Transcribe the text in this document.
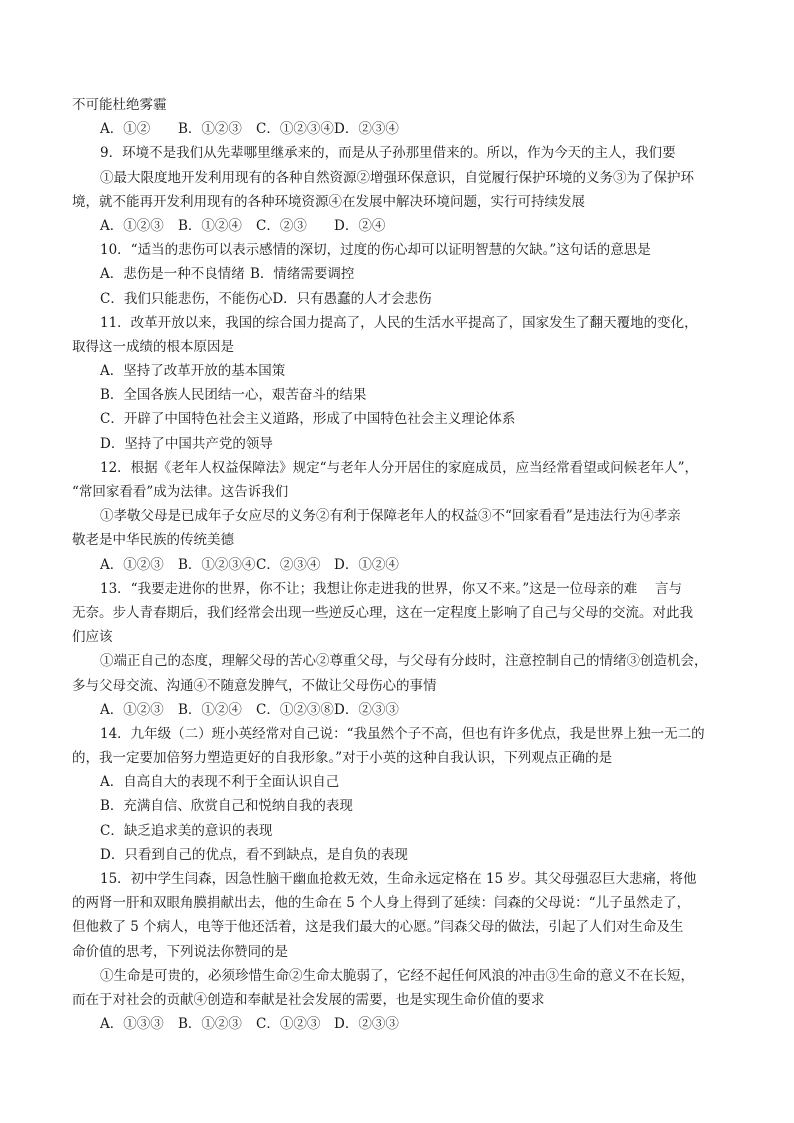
不可能杜绝雾霾
A．①② B．①②③ C．①②③④D．②③④
9．环境不是我们从先辈哪里继承来的，而是从子孙那里借来的。所以，作为今天的主人，我们要
①最大限度地开发利用现有的各种自然资源②增强环保意识，自觉履行保护环境的义务③为了保护环
境，就不能再开发利用现有的各种环境资源④在发展中解决环境问题，实行可持续发展
A．①②③ B．①②④ C．②③ D．②④
10．“适当的悲伤可以表示感情的深切，过度的伤心却可以证明智慧的欠缺。”这句话的意思是
A．悲伤是一种不良情绪 B．情绪需要调控
C．我们只能悲伤，不能伤心D．只有愚蠢的人才会悲伤
11．改革开放以来，我国的综合国力提高了，人民的生活水平提高了，国家发生了翻天覆地的变化，
取得这一成绩的根本原因是
A．坚持了改革开放的基本国策
B．全国各族人民团结一心，艰苦奋斗的结果
C．开辟了中国特色社会主义道路，形成了中国特色社会主义理论体系
D．坚持了中国共产党的领导
12．根据《老年人权益保障法》规定“与老年人分开居住的家庭成员，应当经常看望或问候老年人”，
“常回家看看”成为法律。这告诉我们
①孝敬父母是已成年子女应尽的义务②有利于保障老年人的权益③不“回家看看”是违法行为④孝亲
敬老是中华民族的传统美德
A．①②③ B．①②③④C．②③④ D．①②④
13．“我要走进你的世界，你不让；我想让你走进我的世界，你又不来。”这是一位母亲的难　 言与
无奈。步人青春期后，我们经常会出现一些逆反心理，这在一定程度上影响了自己与父母的交流。对此我
们应该
①端正自己的态度，理解父母的苦心②尊重父母，与父母有分歧时，注意控制自己的情绪③创造机会，
多与父母交流、沟通④不随意发脾气，不做让父母伤心的事情
A．①②③ B．①②④ C．①②③⑧D．②③③
14．九年级（二）班小英经常对自己说：“我虽然个子不高，但也有许多优点，我是世界上独一无二的
的，我一定要加倍努力塑造更好的自我形象。”对于小英的这种自我认识，下列观点正确的是
A．自高自大的表现不利于全面认识自己
B．充满自信、欣赏自己和悦纳自我的表现
C．缺乏追求美的意识的表现
D．只看到自己的优点，看不到缺点，是自负的表现
15．初中学生闫森，因急性脑干幽血抢救无效，生命永远定格在 15 岁。其父母强忍巨大悲痛，将他
的两肾一肝和双眼角膜捐献出去，他的生命在 5 个人身上得到了延续：闫森的父母说：“儿子虽然走了，
但他救了 5 个病人，电等于他还活着，这是我们最大的心愿。”闫森父母的做法，引起了人们对生命及生
命价值的思考，下列说法你赞同的是
①生命是可贵的，必须珍惜生命②生命太脆弱了，它经不起任何风浪的冲击③生命的意义不在长短，
而在于对社会的贡献④创造和奉献是社会发展的需要，也是实现生命价值的要求
A．①③③ B．①②③ C．①②③ D．②③③
